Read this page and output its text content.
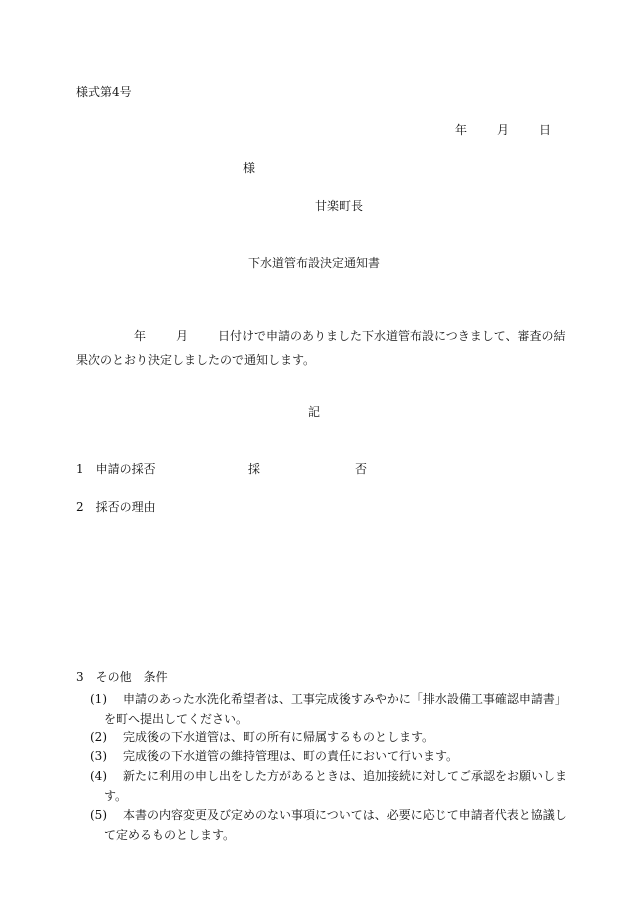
様式第4号
年	月	日
様
甘楽町長
下水道管布設決定通知書
年	月	日付けで申請のありました下水道管布設につきまして、審査の結
果次のとおり決定しましたので通知します。
記
1　申請の採否	採	否
2　採否の理由
3　その他　条件
(1) 申請のあった水洗化希望者は、工事完成後すみやかに「排水設備工事確認申請書」
を町へ提出してください。
(2) 完成後の下水道管は、町の所有に帰属するものとします。
(3) 完成後の下水道管の維持管理は、町の責任において行います。
(4) 新たに利用の申し出をした方があるときは、追加接続に対してご承認をお願いしま
す。
(5) 本書の内容変更及び定めのない事項については、必要に応じて申請者代表と協議し
て定めるものとします。
